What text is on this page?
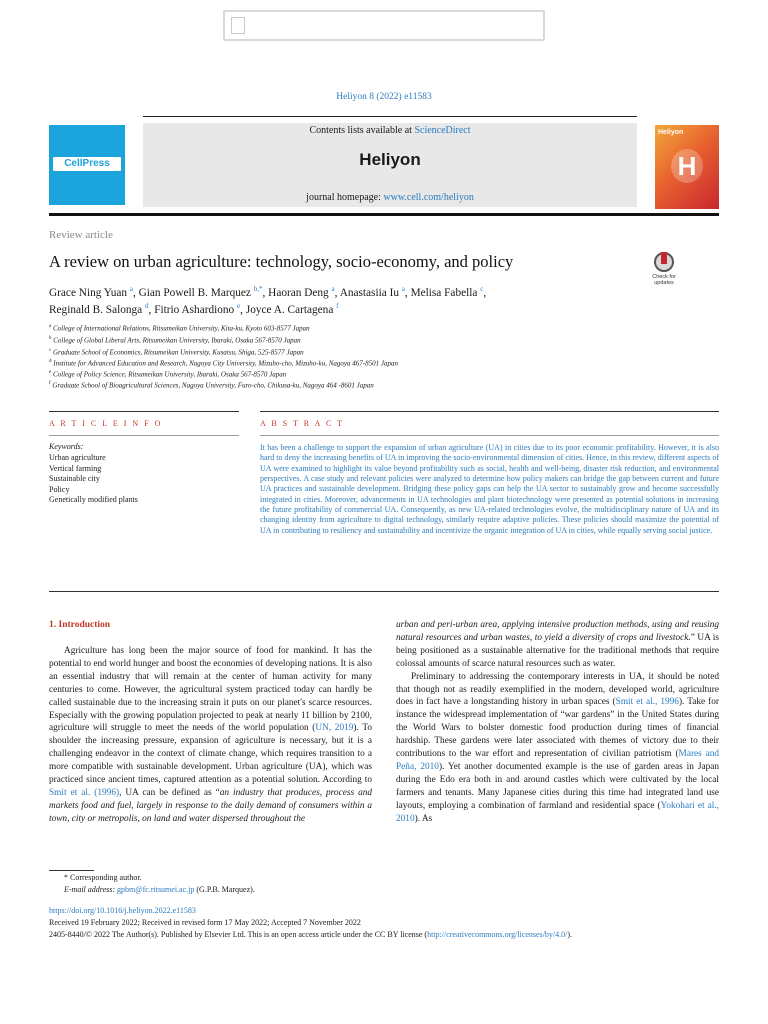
Heliyon 8 (2022) e11583
CellPress
Contents lists available at ScienceDirect
Heliyon
journal homepage: www.cell.com/heliyon
Heliyon
H
Review article
A review on urban agriculture: technology, socio-economy, and policy
Check for updates
Grace Ning Yuan $^a$, Gian Powell B. Marquez $^{b,*}$, Haoran Deng $^a$, Anastasiia Iu $^a$, Melisa Fabella $^c$,
Reginald B. Salonga $^d$, Fitrio Ashardiono $^e$, Joyce A. Cartagena $^f$
$^a$ College of International Relations, Ritsumeikan University, Kita-ku, Kyoto 603-8577 Japan
$^b$ College of Global Liberal Arts, Ritsumeikan University, Ibaraki, Osaka 567-8570 Japan
$^c$ Graduate School of Economics, Ritsumeikan University, Kusatsu, Shiga, 525-8577 Japan
$^d$ Institute for Advanced Education and Research, Nagoya City University, Mizuho-cho, Mizuho-ku, Nagoya 467-8501 Japan
$^e$ College of Policy Science, Ritsumeikan University, Ibaraki, Osaka 567-8570 Japan
$^f$ Graduate School of Bioagricultural Sciences, Nagoya University, Furo-cho, Chikusa-ku, Nagoya 464 -8601 Japan
A R T I C L E I N F O	A B S T R A C T
Keywords:
Urban agriculture
Vertical farming
Sustainable city
Policy
Genetically modified plants
It has been a challenge to support the expansion of urban agriculture (UA) in cities due to its poor economic profitability. However, it is also hard to deny the increasing benefits of UA in improving the socio-environmental dimension of cities. Hence, in this review, different aspects of UA were examined to highlight its value beyond profitability such as social, health and well-being, disaster risk reduction, and environmental perspectives. A case study and relevant policies were analyzed to determine how policy makers can bridge the gap between current and future UA practices and sustainable development. Bridging these policy gaps can help the UA sector to sustainably grow and become successfully integrated in cities. Moreover, advancements in UA technologies and plant biotechnology were presented as potential solutions in increasing the future profitability of commercial UA. Consequently, as new UA-related technologies evolve, the multidisciplinary nature of UA and its changing identity from agriculture to digital technology, similarly require adaptive policies. These policies should maximize the potential of UA in contributing to resiliency and sustainability and incentivize the organic integration of UA in cities, while equally serving social justice.
1. Introduction

Agriculture has long been the major source of food for mankind. It has the potential to end world hunger and boost the economies of developing nations. It is also an essential industry that will remain at the center of human activity for many centuries to come. However, the agricultural system practiced today can hardly be called sustainable due to the increasing strain it puts on our planet's scarce resources. Especially with the growing population projected to peak at nearly 11 billion by 2100, agriculture will struggle to meet the needs of the world population (UN, 2019). To shoulder the increasing pressure, expansion of agriculture is necessary, but it is a challenging endeavor in the context of climate change, which requires transition to a more compatible with sustainable development. Urban agriculture (UA), which was practiced since ancient times, captured attention as a potential solution. According to Smit et al. (1996), UA can be defined as “an industry that produces, process and markets food and fuel, largely in response to the daily demand of consumers within a town, city or metropolis, on land and water dispersed throughout the

urban and peri-urban area, applying intensive production methods, using and reusing natural resources and urban wastes, to yield a diversity of crops and livestock.” UA is being positioned as a sustainable alternative for the traditional methods that require colossal amounts of scarce natural resources such as water.

Preliminary to addressing the contemporary interests in UA, it should be noted that though not as readily exemplified in the modern, developed world, agriculture does in fact have a longstanding history in urban spaces (Smit et al., 1996). Take for instance the widespread implementation of “war gardens” in the United States during the World Wars to bolster domestic food production during times of financial hardship. These gardens were later associated with themes of victory due to their contributions to the war effort and representation of civilian patriotism (Mares and Peña, 2010). Yet another documented example is the use of garden areas in Japan during the Edo era both in and around castles which were cultivated by the local farmers and tenants. Many Japanese cities during this time had integrated land use layouts, employing a combination of farmland and residential space (Yokohari et al., 2010). As

* Corresponding author.
E-mail address: gpbm@fc.ritsumei.ac.jp (G.P.B. Marquez).
https://doi.org/10.1016/j.heliyon.2022.e11583
Received 19 February 2022; Received in revised form 17 May 2022; Accepted 7 November 2022
2405-8440/© 2022 The Author(s). Published by Elsevier Ltd. This is an open access article under the CC BY license (http://creativecommons.org/licenses/by/4.0/).
